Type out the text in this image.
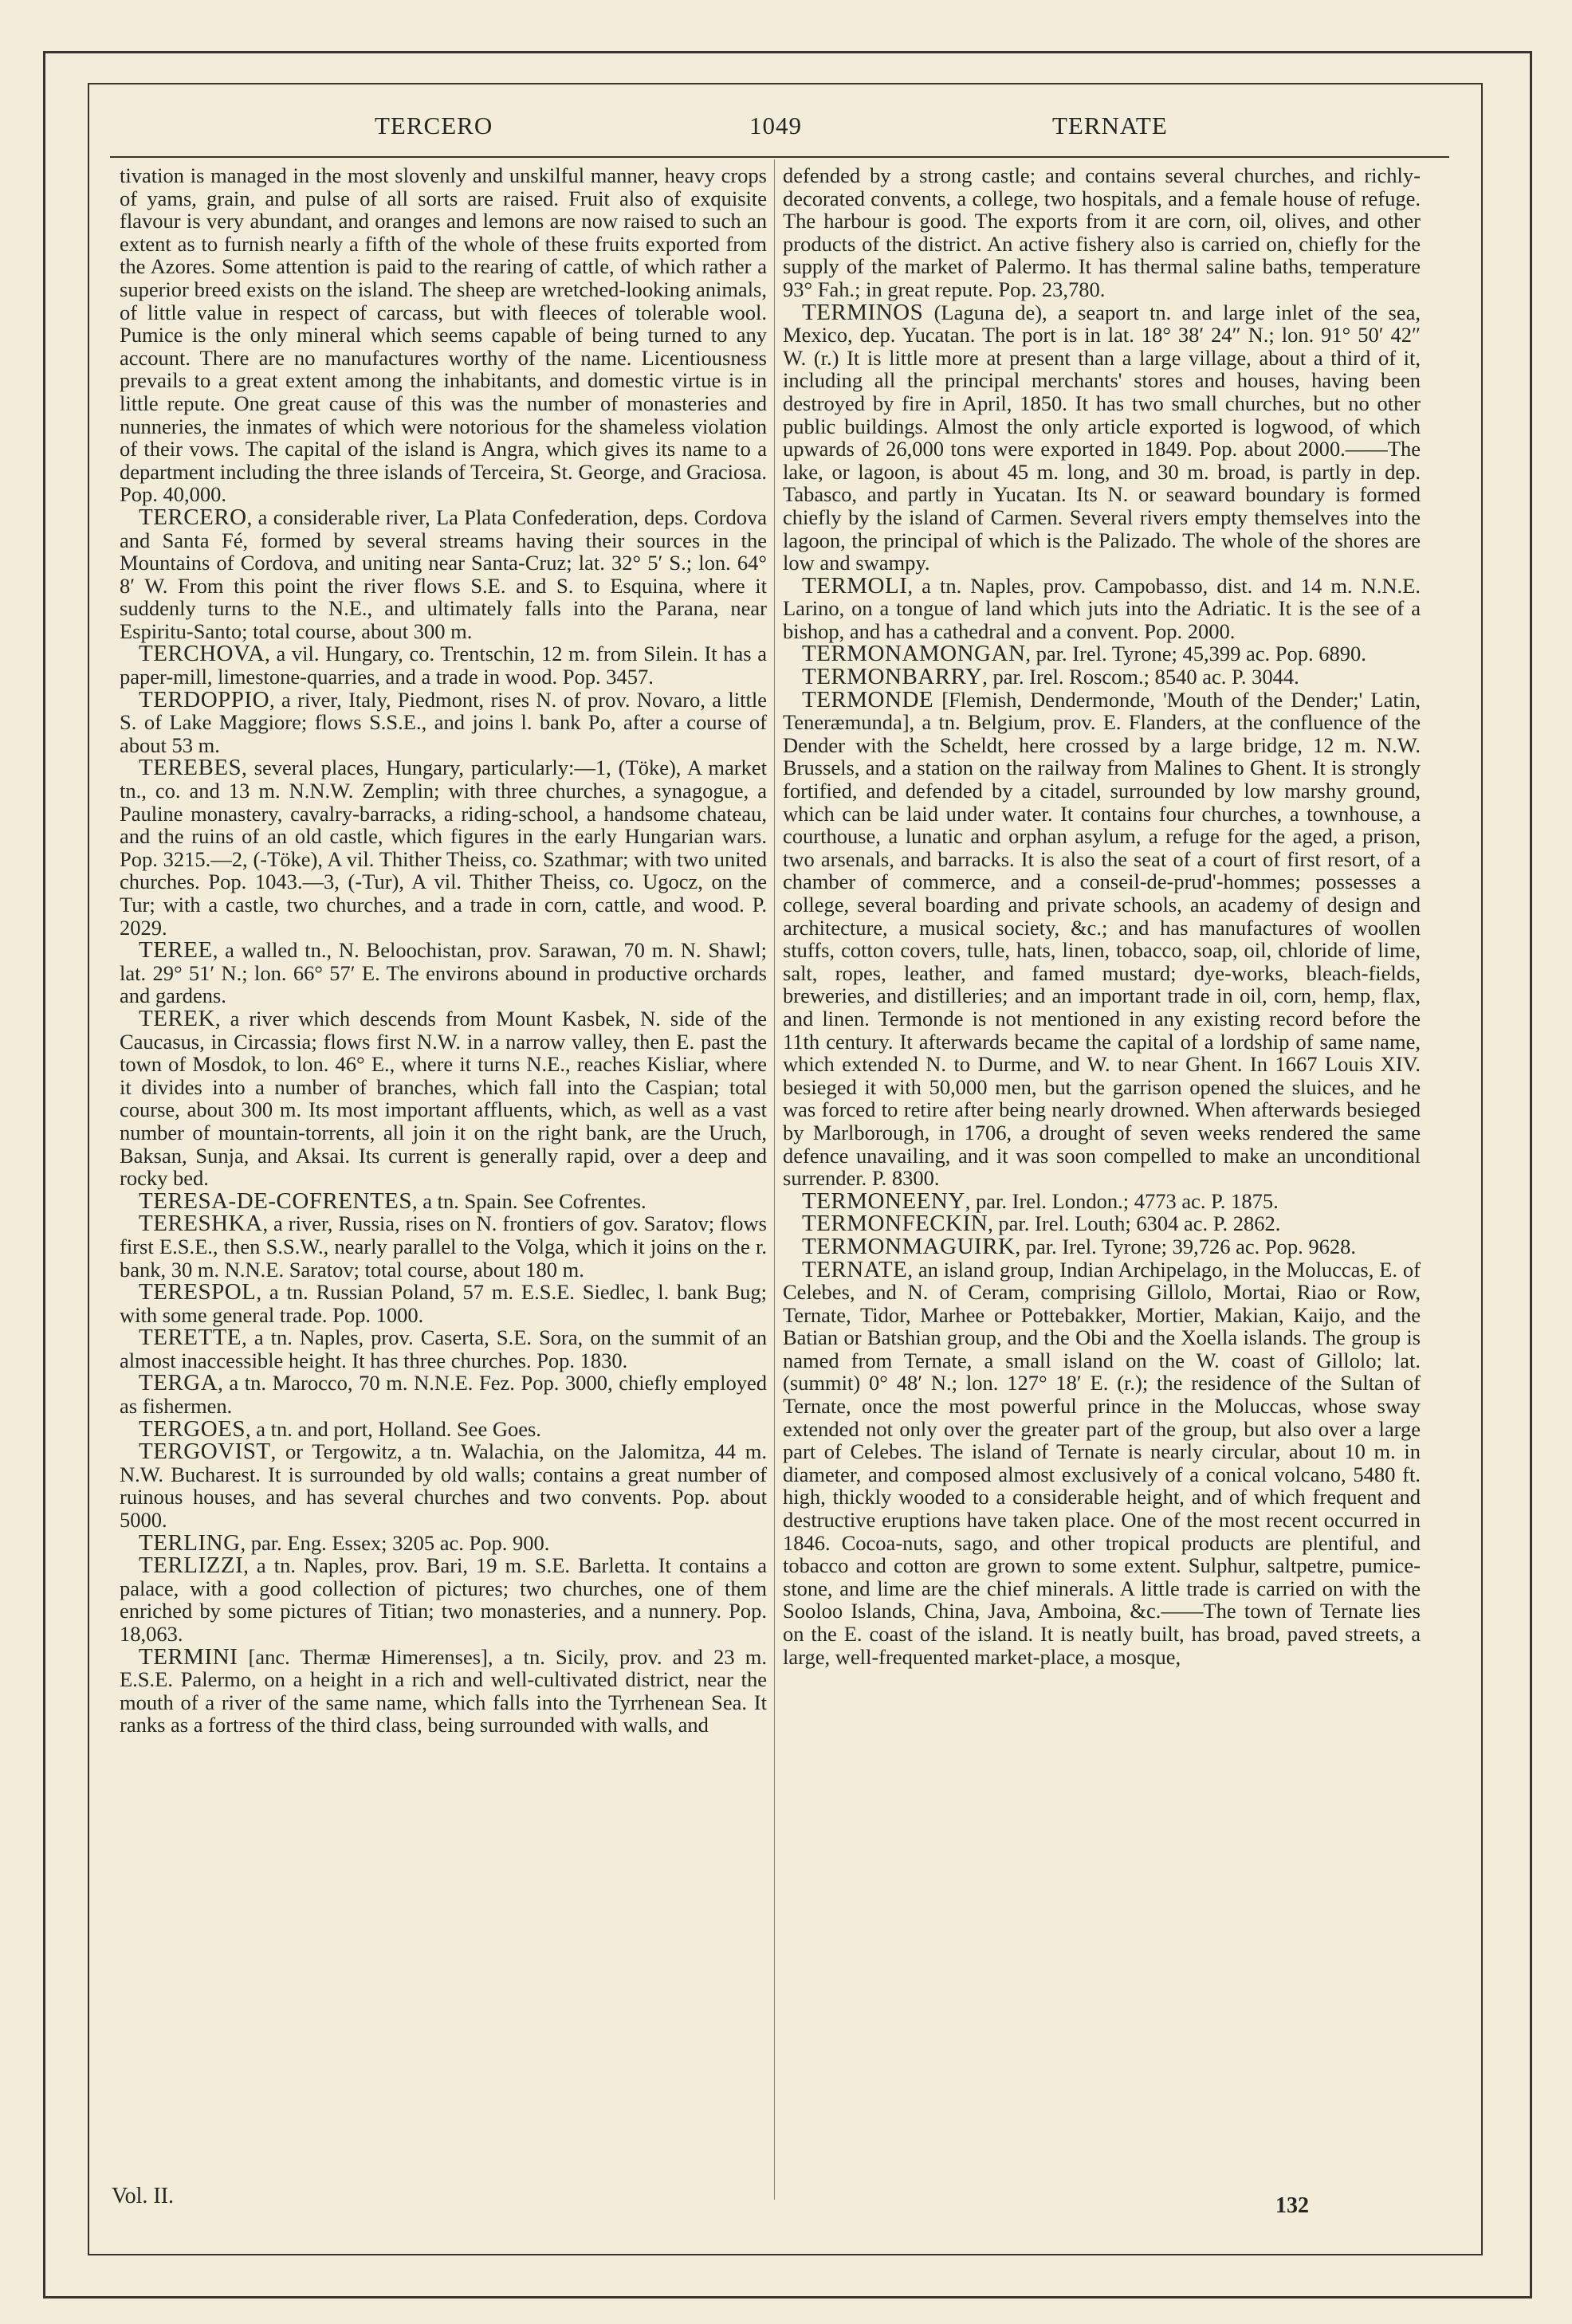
TERCERO	1049	TERNATE

tivation is managed in the most slovenly and unskilful manner, heavy crops of yams, grain, and pulse of all sorts are raised. Fruit also of exquisite flavour is very abundant, and oranges and lemons are now raised to such an extent as to furnish nearly a fifth of the whole of these fruits exported from the Azores. Some attention is paid to the rearing of cattle, of which rather a superior breed exists on the island. The sheep are wretched-looking animals, of little value in respect of carcass, but with fleeces of tolerable wool. Pumice is the only mineral which seems capable of being turned to any account. There are no manufactures worthy of the name. Licentiousness prevails to a great extent among the inhabitants, and domestic virtue is in little repute. One great cause of this was the number of monasteries and nunneries, the inmates of which were notorious for the shameless violation of their vows. The capital of the island is Angra, which gives its name to a department including the three islands of Terceira, St. George, and Graciosa. Pop. 40,000.

TERCERO, a considerable river, La Plata Confederation, deps. Cordova and Santa Fé, formed by several streams having their sources in the Mountains of Cordova, and uniting near Santa-Cruz; lat. 32° 5′ S.; lon. 64° 8′ W. From this point the river flows S.E. and S. to Esquina, where it suddenly turns to the N.E., and ultimately falls into the Parana, near Espiritu-Santo; total course, about 300 m.

TERCHOVA, a vil. Hungary, co. Trentschin, 12 m. from Silein. It has a paper-mill, limestone-quarries, and a trade in wood. Pop. 3457.

TERDOPPIO, a river, Italy, Piedmont, rises N. of prov. Novaro, a little S. of Lake Maggiore; flows S.S.E., and joins l. bank Po, after a course of about 53 m.

TEREBES, several places, Hungary, particularly:—1, (Töke), A market tn., co. and 13 m. N.N.W. Zemplin; with three churches, a synagogue, a Pauline monastery, cavalry-barracks, a riding-school, a handsome chateau, and the ruins of an old castle, which figures in the early Hungarian wars. Pop. 3215.—2, (-Töke), A vil. Thither Theiss, co. Szathmar; with two united churches. Pop. 1043.—3, (-Tur), A vil. Thither Theiss, co. Ugocz, on the Tur; with a castle, two churches, and a trade in corn, cattle, and wood. P. 2029.

TEREE, a walled tn., N. Beloochistan, prov. Sarawan, 70 m. N. Shawl; lat. 29° 51′ N.; lon. 66° 57′ E. The environs abound in productive orchards and gardens.

TEREK, a river which descends from Mount Kasbek, N. side of the Caucasus, in Circassia; flows first N.W. in a narrow valley, then E. past the town of Mosdok, to lon. 46° E., where it turns N.E., reaches Kisliar, where it divides into a number of branches, which fall into the Caspian; total course, about 300 m. Its most important affluents, which, as well as a vast number of mountain-torrents, all join it on the right bank, are the Uruch, Baksan, Sunja, and Aksai. Its current is generally rapid, over a deep and rocky bed.

TERESA-DE-COFRENTES, a tn. Spain. See Cofrentes.

TERESHKA, a river, Russia, rises on N. frontiers of gov. Saratov; flows first E.S.E., then S.S.W., nearly parallel to the Volga, which it joins on the r. bank, 30 m. N.N.E. Saratov; total course, about 180 m.

TERESPOL, a tn. Russian Poland, 57 m. E.S.E. Siedlec, l. bank Bug; with some general trade. Pop. 1000.

TERETTE, a tn. Naples, prov. Caserta, S.E. Sora, on the summit of an almost inaccessible height. It has three churches. Pop. 1830.

TERGA, a tn. Marocco, 70 m. N.N.E. Fez. Pop. 3000, chiefly employed as fishermen.

TERGOES, a tn. and port, Holland. See Goes.

TERGOVIST, or Tergowitz, a tn. Walachia, on the Jalomitza, 44 m. N.W. Bucharest. It is surrounded by old walls; contains a great number of ruinous houses, and has several churches and two convents. Pop. about 5000.

TERLING, par. Eng. Essex; 3205 ac. Pop. 900.

TERLIZZI, a tn. Naples, prov. Bari, 19 m. S.E. Barletta. It contains a palace, with a good collection of pictures; two churches, one of them enriched by some pictures of Titian; two monasteries, and a nunnery. Pop. 18,063.

TERMINI [anc. Thermæ Himerenses], a tn. Sicily, prov. and 23 m. E.S.E. Palermo, on a height in a rich and well-cultivated district, near the mouth of a river of the same name, which falls into the Tyrrhenean Sea. It ranks as a fortress of the third class, being surrounded with walls, and

defended by a strong castle; and contains several churches, and richly-decorated convents, a college, two hospitals, and a female house of refuge. The harbour is good. The exports from it are corn, oil, olives, and other products of the district. An active fishery also is carried on, chiefly for the supply of the market of Palermo. It has thermal saline baths, temperature 93° Fah.; in great repute. Pop. 23,780.

TERMINOS (Laguna de), a seaport tn. and large inlet of the sea, Mexico, dep. Yucatan. The port is in lat. 18° 38′ 24″ N.; lon. 91° 50′ 42″ W. (r.) It is little more at present than a large village, about a third of it, including all the principal merchants' stores and houses, having been destroyed by fire in April, 1850. It has two small churches, but no other public buildings. Almost the only article exported is logwood, of which upwards of 26,000 tons were exported in 1849. Pop. about 2000.——The lake, or lagoon, is about 45 m. long, and 30 m. broad, is partly in dep. Tabasco, and partly in Yucatan. Its N. or seaward boundary is formed chiefly by the island of Carmen. Several rivers empty themselves into the lagoon, the principal of which is the Palizado. The whole of the shores are low and swampy.

TERMOLI, a tn. Naples, prov. Campobasso, dist. and 14 m. N.N.E. Larino, on a tongue of land which juts into the Adriatic. It is the see of a bishop, and has a cathedral and a convent. Pop. 2000.

TERMONAMONGAN, par. Irel. Tyrone; 45,399 ac. Pop. 6890.

TERMONBARRY, par. Irel. Roscom.; 8540 ac. P. 3044.

TERMONDE [Flemish, Dendermonde, 'Mouth of the Dender;' Latin, Teneræmunda], a tn. Belgium, prov. E. Flanders, at the confluence of the Dender with the Scheldt, here crossed by a large bridge, 12 m. N.W. Brussels, and a station on the railway from Malines to Ghent. It is strongly fortified, and defended by a citadel, surrounded by low marshy ground, which can be laid under water. It contains four churches, a townhouse, a courthouse, a lunatic and orphan asylum, a refuge for the aged, a prison, two arsenals, and barracks. It is also the seat of a court of first resort, of a chamber of commerce, and a conseil-de-prud'-hommes; possesses a college, several boarding and private schools, an academy of design and architecture, a musical society, &c.; and has manufactures of woollen stuffs, cotton covers, tulle, hats, linen, tobacco, soap, oil, chloride of lime, salt, ropes, leather, and famed mustard; dye-works, bleach-fields, breweries, and distilleries; and an important trade in oil, corn, hemp, flax, and linen. Termonde is not mentioned in any existing record before the 11th century. It afterwards became the capital of a lordship of same name, which extended N. to Durme, and W. to near Ghent. In 1667 Louis XIV. besieged it with 50,000 men, but the garrison opened the sluices, and he was forced to retire after being nearly drowned. When afterwards besieged by Marlborough, in 1706, a drought of seven weeks rendered the same defence unavailing, and it was soon compelled to make an unconditional surrender. P. 8300.

TERMONEENY, par. Irel. London.; 4773 ac. P. 1875.

TERMONFECKIN, par. Irel. Louth; 6304 ac. P. 2862.

TERMONMAGUIRK, par. Irel. Tyrone; 39,726 ac. Pop. 9628.

TERNATE, an island group, Indian Archipelago, in the Moluccas, E. of Celebes, and N. of Ceram, comprising Gillolo, Mortai, Riao or Row, Ternate, Tidor, Marhee or Pottebakker, Mortier, Makian, Kaijo, and the Batian or Batshian group, and the Obi and the Xoella islands. The group is named from Ternate, a small island on the W. coast of Gillolo; lat. (summit) 0° 48′ N.; lon. 127° 18′ E. (r.); the residence of the Sultan of Ternate, once the most powerful prince in the Moluccas, whose sway extended not only over the greater part of the group, but also over a large part of Celebes. The island of Ternate is nearly circular, about 10 m. in diameter, and composed almost exclusively of a conical volcano, 5480 ft. high, thickly wooded to a considerable height, and of which frequent and destructive eruptions have taken place. One of the most recent occurred in 1846. Cocoa-nuts, sago, and other tropical products are plentiful, and tobacco and cotton are grown to some extent. Sulphur, saltpetre, pumice-stone, and lime are the chief minerals. A little trade is carried on with the Sooloo Islands, China, Java, Amboina, &c.——The town of Ternate lies on the E. coast of the island. It is neatly built, has broad, paved streets, a large, well-frequented market-place, a mosque,

Vol. II.	132
